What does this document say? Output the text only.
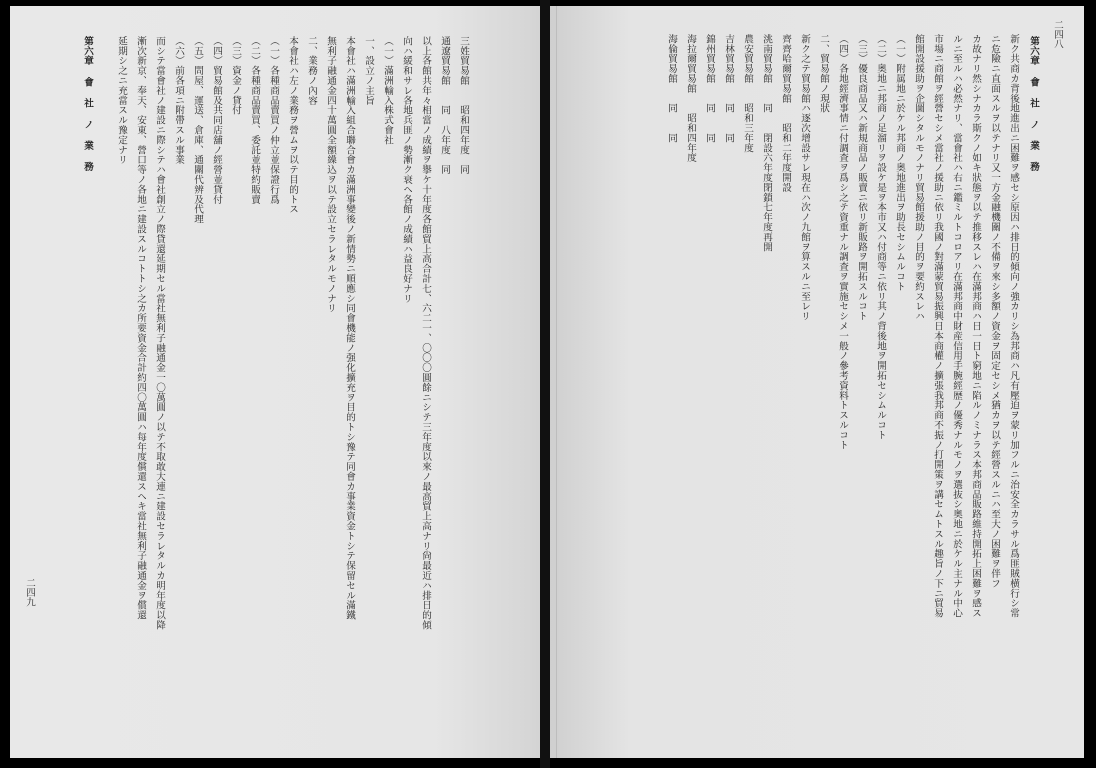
二四八
第六章 會 社 ノ 業 務
新ク共商カ背後地進出ニ困難ヲ感セシ原因ハ排日的傾向ノ強カリシ為邦商ハ凡有壓迫ヲ蒙リ加フルニ治安全カラサル爲匪賊横行シ常
ニ危險ニ直面スルヲ以テナリ又一方金融機關ノ不備ヲ來シ多額ノ資金ヲ固定セシメ猶カヲ以テ經營スルニハ至大ノ困難ヲ伴フ
カ故ナリ然シナカラ斯クノ如キ狀態ヲ以テ推移スレハ在滿邦商ハ日一日ト窮地ニ陷ルノミナラス本邦商品販路維持開拓上困難ヲ感ス
ルニ至ルハ必然ナリ、當會社ハ右ニ鑑ミルトコロアリ在滿邦商中財産信用手腕經歴ノ優秀ナルモノヲ選抜シ奥地ニ於ケル主ナル中心
市場ニ商館ヲ經營セシメ當社ノ援助ニ依リ我國ノ對滿蒙貿易振興日本商權ノ擴張我邦商不振ノ打開策ヲ講セムトスル趣旨ノ下ニ貿易
館開設援助ヲ企圖シタルモノナリ貿易館援助ノ目的ヲ要約スレハ
（一）附属地ニ於ケル邦商ノ奥地進出ヲ助長セシムルコト
（二）奥地ニ邦商ノ足溜リヲ設ケ是ヲ本市又ハ付商等ニ依リ其ノ背後地ヲ開拓セシムルコト
（三）優良商品又ハ新規商品ノ販賣ニ依リ新販路ヲ開拓スルコト
（四）各地經濟事情ニ付調査ヲ爲シ之テ資重ナル調査ヲ實施セシメ一般ノ參考資料トスルコト
二、貿易館ノ現狀
新ク之テ貿易館ハ逐次增設サレ現在ハ次ノ九館ヲ算スルニ至レリ
齊齊哈爾貿易館　　昭和二年度開設
洮南貿易館　　同　　閉設六年度閉鎖七年度再開
農安貿易館　　昭和三年度
吉林貿易館　　同　　同
錦州貿易館　　同　　同
海拉爾貿易館　　昭和四年度
海倫貿易館　　同　　同
二四九
第六章 會 社 ノ 業 務	三姓貿易館　　昭和四年度　同
通遼貿易館　　同　八年度　同
以上各館共年々相當ノ成績ヲ擧ケ十年度各館貿上高合計七、六二一、〇〇〇圓餘ニシテ三年度以來ノ最高貿上高ナリ尙最近ハ排日的傾
向ハ緩和サレ各地兵匪ノ勢漸ク衰ヘ各館ノ成績ハ益良好ナリ
（一）滿洲輸入株式會社
一、設立ノ主旨
本會社ハ滿洲輸入組合聯合會カ滿洲事變後ノ新情勢ニ順應シ同會機能ノ强化擴充ヲ目的トシ豫テ同會カ事業資金トシテ保留セル滿鐵
無利子融通金四十萬圓全額繰込ヲ以テ設立セラレタルモノナリ
二、業務ノ內容
本會社ハ左ノ業務ヲ營ムヲ以テ目的トス
（一）各種商品賣買ノ仲立並保證行爲
（二）各種商品賣買、委託並特約販賣
（三）資金ノ貸付
（四）貿易館及共同店舖ノ經營並貸付
（五）問屋、運送、倉庫、通關代辨及代理
（六）前各項ニ附帶スル事業
而シテ當會社ノ建設ニ際シテハ會社創立ノ際貸還延期セル當社無利子融通金一〇萬圓ノ以テ不取敢大連ニ建設セラレタルカ明年度以降
漸次新京、奉天、安東、營口等ノ各地ニ建設スルコトトシ之カ所要資金合計約四〇萬圓ハ每年度償還スヘキ當社無利子融通金ヲ償還
延期シ之ニ充當スル豫定ナリ
